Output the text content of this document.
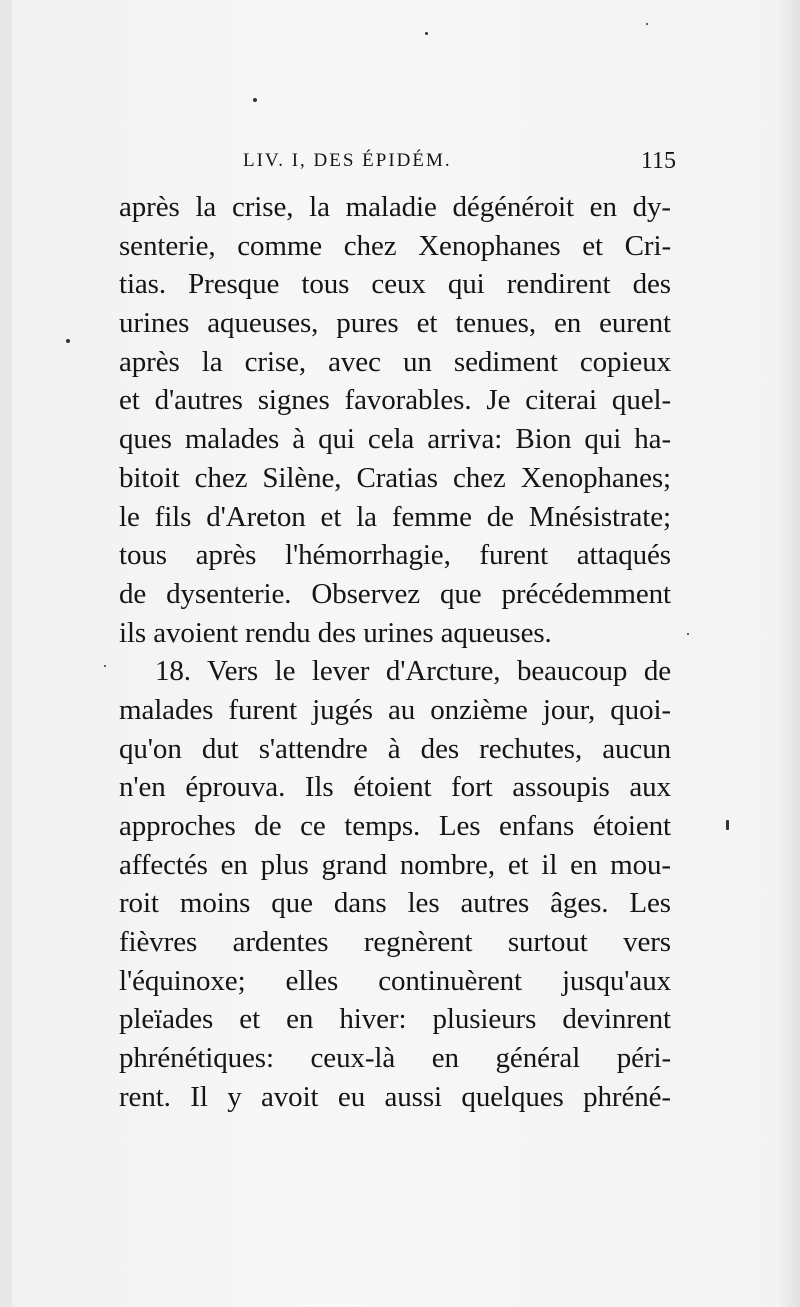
LIV. I, DES ÉPIDÉM.	115
après la crise, la maladie dégénéroit en dy-
senterie, comme chez Xenophanes et Cri-
tias. Presque tous ceux qui rendirent des
urines aqueuses, pures et tenues, en eurent
après la crise, avec un sediment copieux
et d'autres signes favorables. Je citerai quel-
ques malades à qui cela arriva: Bion qui ha-
bitoit chez Silène, Cratias chez Xenophanes;
le fils d'Areton et la femme de Mnésistrate;
tous après l'hémorrhagie, furent attaqués
de dysenterie. Observez que précédemment
ils avoient rendu des urines aqueuses.
18. Vers le lever d'Arcture, beaucoup de
malades furent jugés au onzième jour, quoi-
qu'on dut s'attendre à des rechutes, aucun
n'en éprouva. Ils étoient fort assoupis aux
approches de ce temps. Les enfans étoient
affectés en plus grand nombre, et il en mou-
roit moins que dans les autres âges. Les
fièvres ardentes regnèrent surtout vers
l'équinoxe; elles continuèrent jusqu'aux
pleïades et en hiver: plusieurs devinrent
phrénétiques: ceux-là en général péri-
rent. Il y avoit eu aussi quelques phréné-
